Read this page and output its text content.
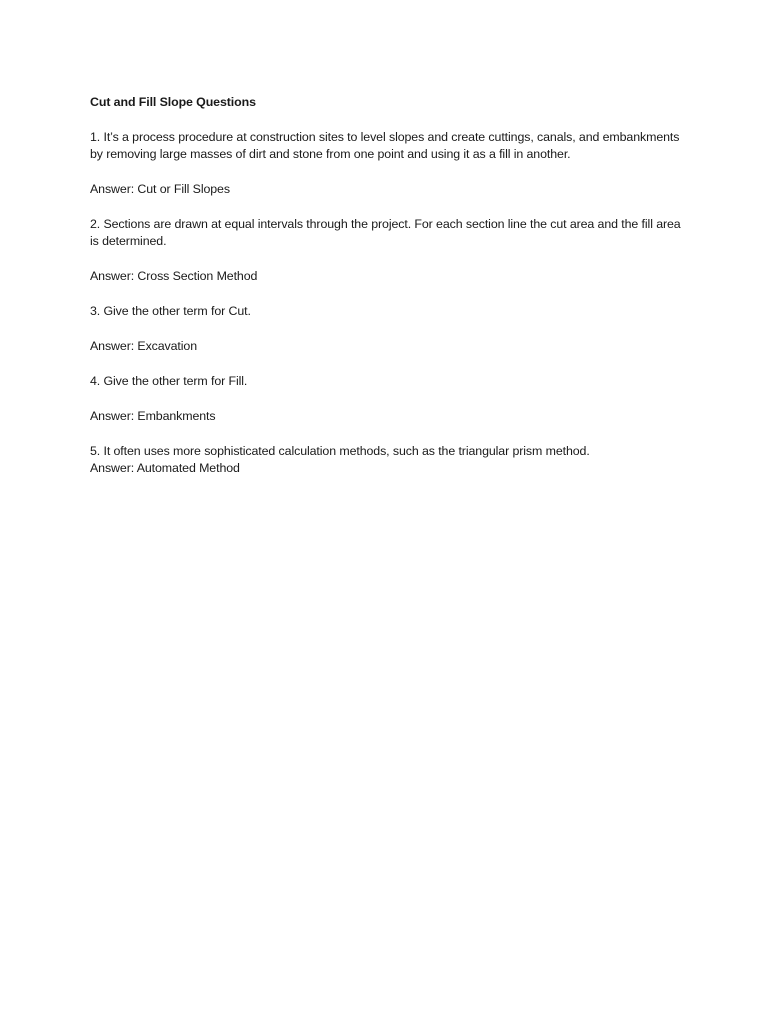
Cut and Fill Slope Questions
1. It’s a process procedure at construction sites to level slopes and create cuttings, canals, and embankments by removing large masses of dirt and stone from one point and using it as a fill in another.
Answer: Cut or Fill Slopes
2. Sections are drawn at equal intervals through the project. For each section line the cut area and the fill area is determined.
Answer: Cross Section Method
3. Give the other term for Cut.
Answer: Excavation
4. Give the other term for Fill.
Answer: Embankments
5. It often uses more sophisticated calculation methods, such as the triangular prism method.
Answer: Automated Method
